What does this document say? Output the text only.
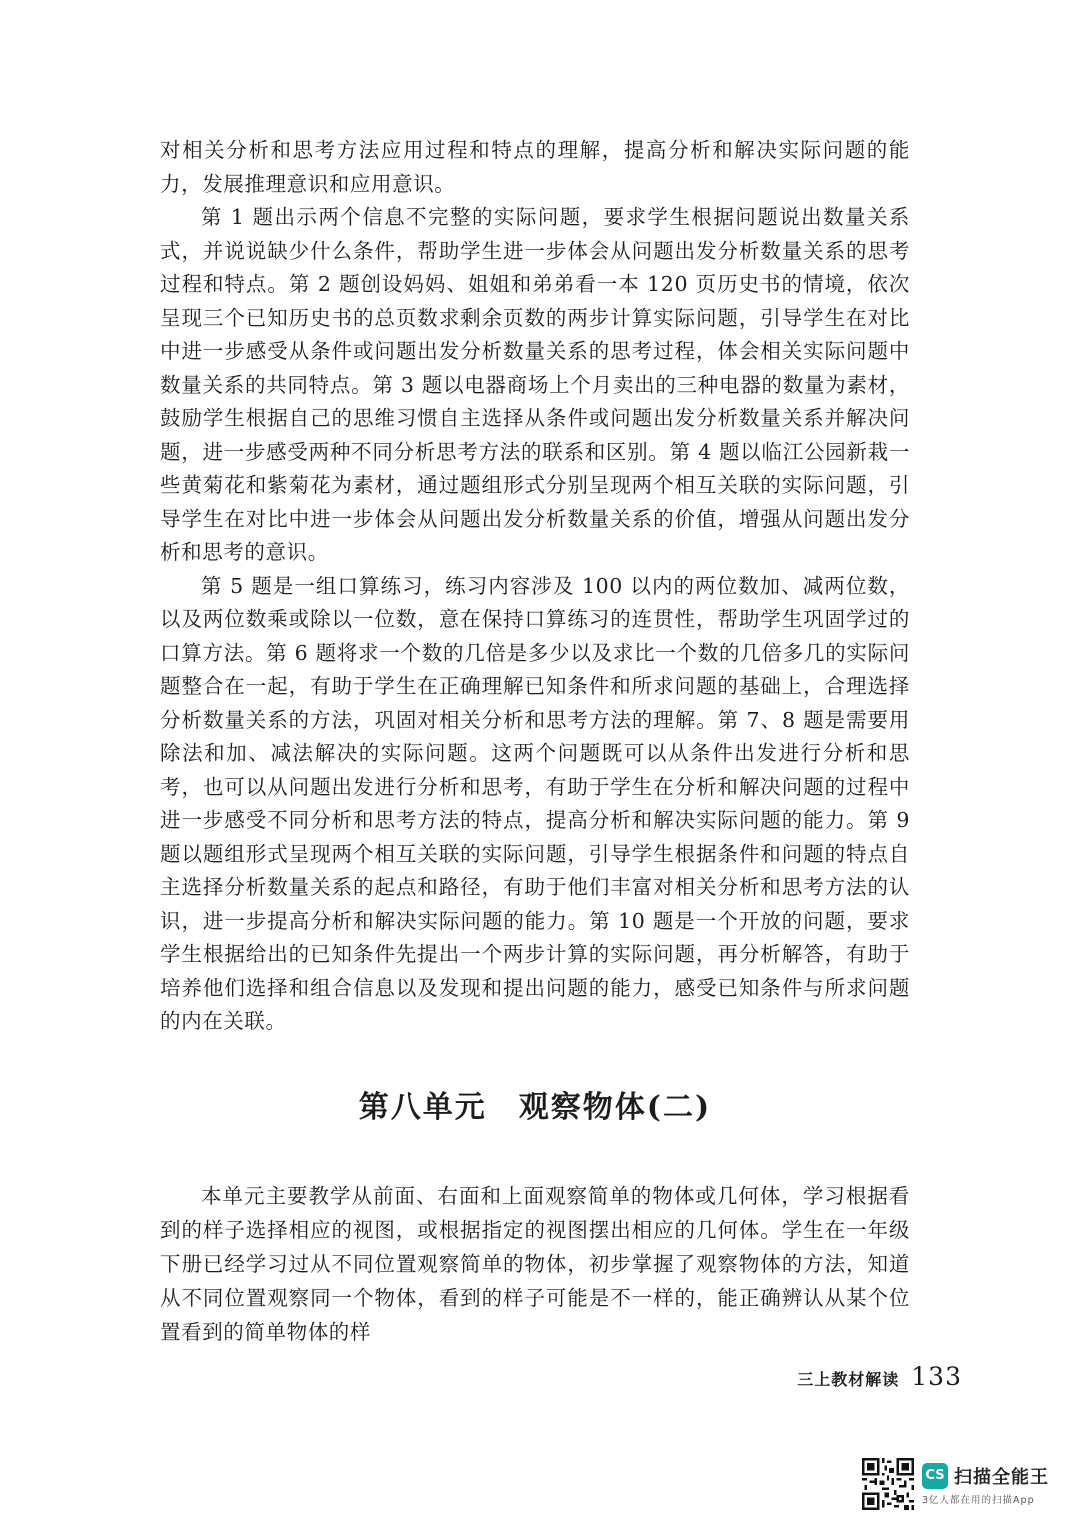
对相关分析和思考方法应用过程和特点的理解，提高分析和解决实际问题的能力，发展推理意识和应用意识。

第 1 题出示两个信息不完整的实际问题，要求学生根据问题说出数量关系式，并说说缺少什么条件，帮助学生进一步体会从问题出发分析数量关系的思考过程和特点。第 2 题创设妈妈、姐姐和弟弟看一本 120 页历史书的情境，依次呈现三个已知历史书的总页数求剩余页数的两步计算实际问题，引导学生在对比中进一步感受从条件或问题出发分析数量关系的思考过程，体会相关实际问题中数量关系的共同特点。第 3 题以电器商场上个月卖出的三种电器的数量为素材，鼓励学生根据自己的思维习惯自主选择从条件或问题出发分析数量关系并解决问题，进一步感受两种不同分析思考方法的联系和区别。第 4 题以临江公园新栽一些黄菊花和紫菊花为素材，通过题组形式分别呈现两个相互关联的实际问题，引导学生在对比中进一步体会从问题出发分析数量关系的价值，增强从问题出发分析和思考的意识。

第 5 题是一组口算练习，练习内容涉及 100 以内的两位数加、减两位数，以及两位数乘或除以一位数，意在保持口算练习的连贯性，帮助学生巩固学过的口算方法。第 6 题将求一个数的几倍是多少以及求比一个数的几倍多几的实际问题整合在一起，有助于学生在正确理解已知条件和所求问题的基础上，合理选择分析数量关系的方法，巩固对相关分析和思考方法的理解。第 7、8 题是需要用除法和加、减法解决的实际问题。这两个问题既可以从条件出发进行分析和思考，也可以从问题出发进行分析和思考，有助于学生在分析和解决问题的过程中进一步感受不同分析和思考方法的特点，提高分析和解决实际问题的能力。第 9 题以题组形式呈现两个相互关联的实际问题，引导学生根据条件和问题的特点自主选择分析数量关系的起点和路径，有助于他们丰富对相关分析和思考方法的认识，进一步提高分析和解决实际问题的能力。第 10 题是一个开放的问题，要求学生根据给出的已知条件先提出一个两步计算的实际问题，再分析解答，有助于培养他们选择和组合信息以及发现和提出问题的能力，感受已知条件与所求问题的内在关联。

第八单元 观察物体(二)

本单元主要教学从前面、右面和上面观察简单的物体或几何体，学习根据看到的样子选择相应的视图，或根据指定的视图摆出相应的几何体。学生在一年级下册已经学习过从不同位置观察简单的物体，初步掌握了观察物体的方法，知道从不同位置观察同一个物体，看到的样子可能是不一样的，能正确辨认从某个位置看到的简单物体的样

三上教材解读 133
CS 扫描全能王
3亿人都在用的扫描App
